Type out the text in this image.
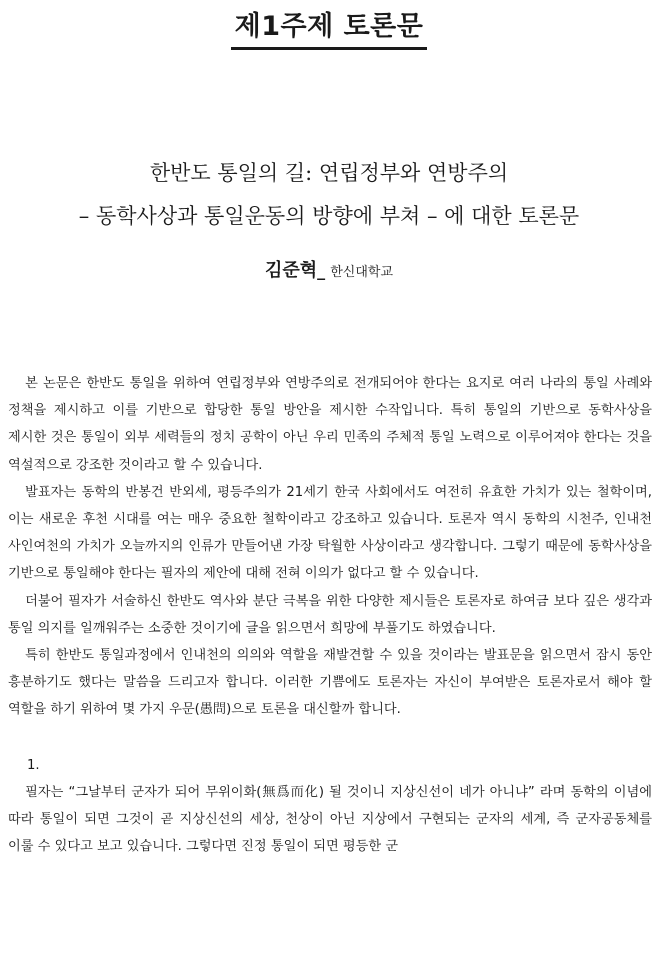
제1주제 토론문
한반도 통일의 길: 연립정부와 연방주의
– 동학사상과 통일운동의 방향에 부쳐 – 에 대한 토론문
김준혁_ 한신대학교

본 논문은 한반도 통일을 위하여 연립정부와 연방주의로 전개되어야 한다는 요지로 여러 나라의 통일 사례와 정책을 제시하고 이를 기반으로 합당한 통일 방안을 제시한 수작입니다. 특히 통일의 기반으로 동학사상을 제시한 것은 통일이 외부 세력들의 정치 공학이 아닌 우리 민족의 주체적 통일 노력으로 이루어져야 한다는 것을 역설적으로 강조한 것이라고 할 수 있습니다.

발표자는 동학의 반봉건 반외세, 평등주의가 21세기 한국 사회에서도 여전히 유효한 가치가 있는 철학이며, 이는 새로운 후천 시대를 여는 매우 중요한 철학이라고 강조하고 있습니다. 토론자 역시 동학의 시천주, 인내천 사인여천의 가치가 오늘까지의 인류가 만들어낸 가장 탁월한 사상이라고 생각합니다. 그렇기 때문에 동학사상을 기반으로 통일해야 한다는 필자의 제안에 대해 전혀 이의가 없다고 할 수 있습니다.

더불어 필자가 서술하신 한반도 역사와 분단 극복을 위한 다양한 제시들은 토론자로 하여금 보다 깊은 생각과 통일 의지를 일깨워주는 소중한 것이기에 글을 읽으면서 희망에 부풀기도 하였습니다.

특히 한반도 통일과정에서 인내천의 의의와 역할을 재발견할 수 있을 것이라는 발표문을 읽으면서 잠시 동안 흥분하기도 했다는 말씀을 드리고자 합니다. 이러한 기쁨에도 토론자는 자신이 부여받은 토론자로서 해야 할 역할을 하기 위하여 몇 가지 우문(愚問)으로 토론을 대신할까 합니다.

1.

필자는 “그날부터 군자가 되어 무위이화(無爲而化) 될 것이니 지상신선이 네가 아니냐” 라며 동학의 이념에 따라 통일이 되면 그것이 곧 지상신선의 세상, 천상이 아닌 지상에서 구현되는 군자의 세계, 즉 군자공동체를 이룰 수 있다고 보고 있습니다. 그렇다면 진정 통일이 되면 평등한 군
